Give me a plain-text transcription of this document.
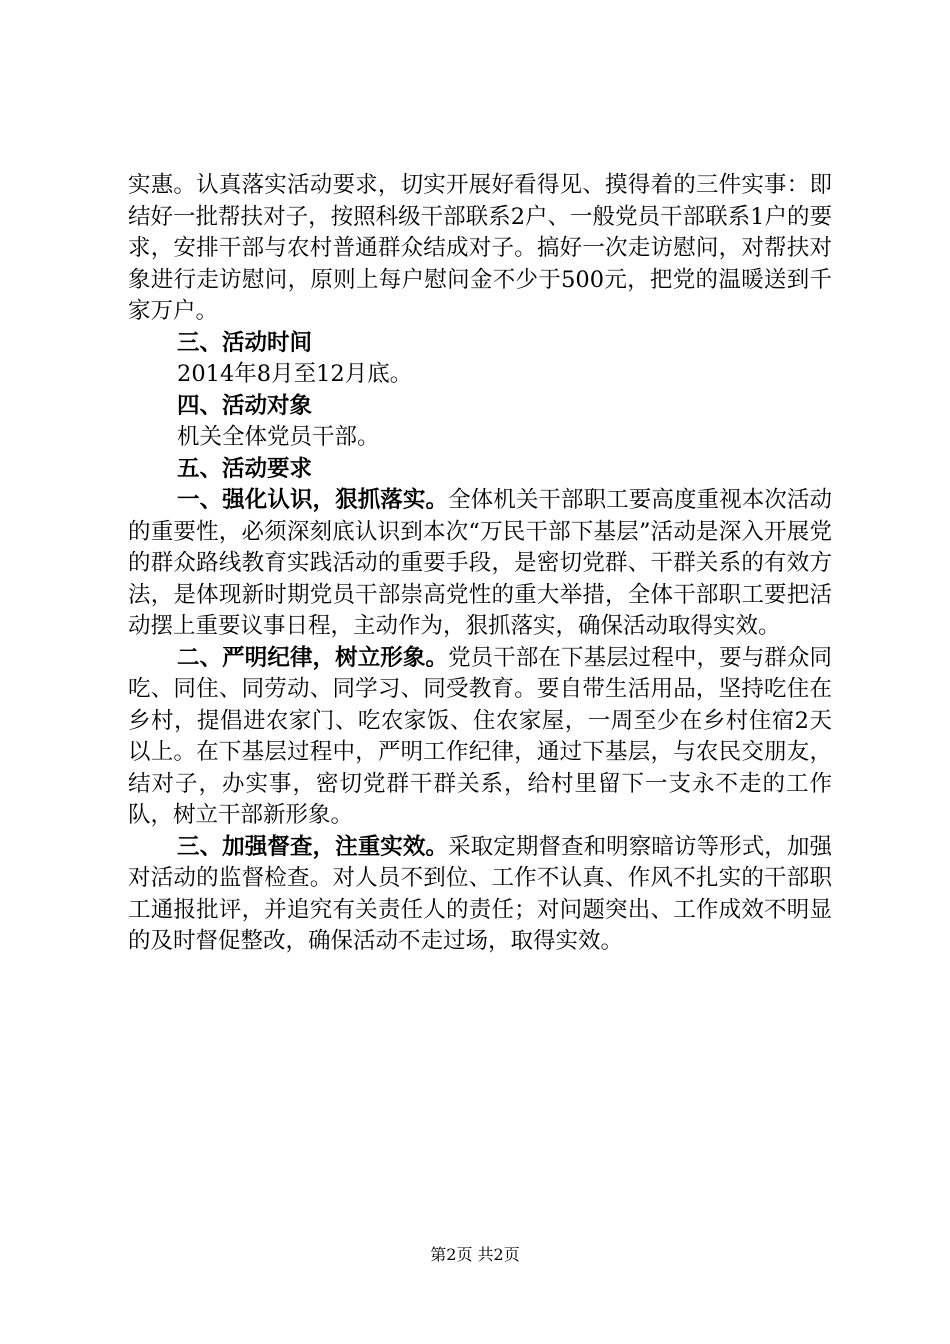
实惠。认真落实活动要求，切实开展好看得见、摸得着的三件实事：即结好一批帮扶对子，按照科级干部联系2户、一般党员干部联系1户的要求，安排干部与农村普通群众结成对子。搞好一次走访慰问，对帮扶对象进行走访慰问，原则上每户慰问金不少于500元，把党的温暖送到千家万户。

三、活动时间

2014年8月至12月底。

四、活动对象

机关全体党员干部。

五、活动要求

一、强化认识，狠抓落实。全体机关干部职工要高度重视本次活动的重要性，必须深刻底认识到本次“万民干部下基层”活动是深入开展党的群众路线教育实践活动的重要手段，是密切党群、干群关系的有效方法，是体现新时期党员干部崇高党性的重大举措，全体干部职工要把活动摆上重要议事日程，主动作为，狠抓落实，确保活动取得实效。

二、严明纪律，树立形象。党员干部在下基层过程中，要与群众同吃、同住、同劳动、同学习、同受教育。要自带生活用品，坚持吃住在乡村，提倡进农家门、吃农家饭、住农家屋，一周至少在乡村住宿2天以上。在下基层过程中，严明工作纪律，通过下基层，与农民交朋友，结对子，办实事，密切党群干群关系，给村里留下一支永不走的工作队，树立干部新形象。

三、加强督查，注重实效。采取定期督查和明察暗访等形式，加强对活动的监督检查。对人员不到位、工作不认真、作风不扎实的干部职工通报批评，并追究有关责任人的责任；对问题突出、工作成效不明显的及时督促整改，确保活动不走过场，取得实效。

第2页 共2页
